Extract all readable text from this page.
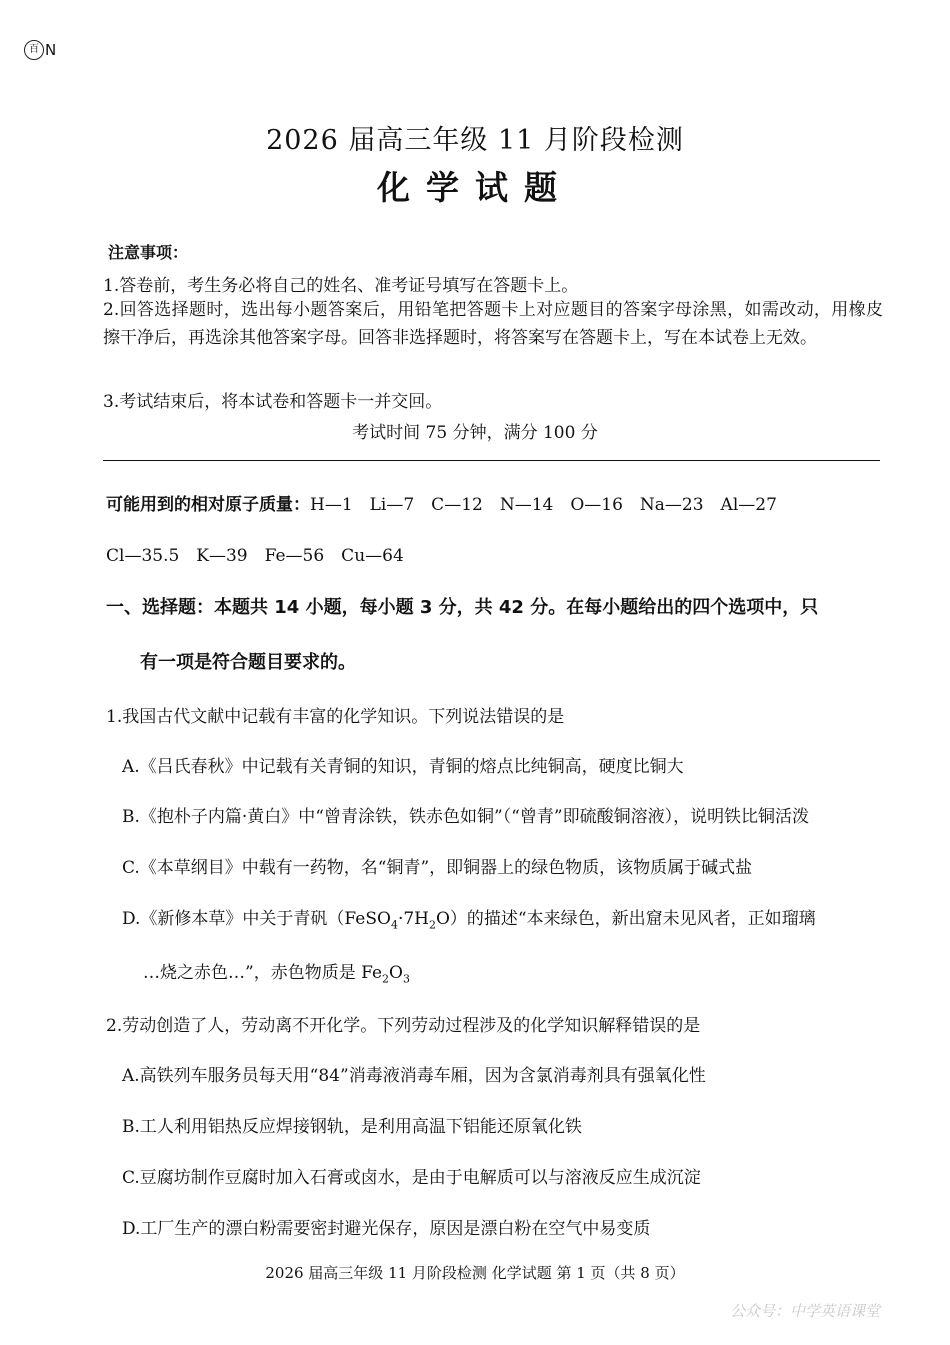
百 N
2026 届高三年级 11 月阶段检测
化学试题
注意事项：
1.答卷前，考生务必将自己的姓名、准考证号填写在答题卡上。
2.回答选择题时，选出每小题答案后，用铅笔把答题卡上对应题目的答案字母涂黑，如需改动，用橡皮擦干净后，再选涂其他答案字母。回答非选择题时，将答案写在答题卡上，写在本试卷上无效。
3.考试结束后，将本试卷和答题卡一并交回。
考试时间 75 分钟，满分 100 分
可能用到的相对原子质量：H—1　Li—7　C—12　N—14　O—16　Na—23　Al—27
Cl—35.5　K—39　Fe—56　Cu—64
一、选择题：本题共 14 小题，每小题 3 分，共 42 分。在每小题给出的四个选项中，只
有一项是符合题目要求的。
1.我国古代文献中记载有丰富的化学知识。下列说法错误的是
A.《吕氏春秋》中记载有关青铜的知识，青铜的熔点比纯铜高，硬度比铜大
B.《抱朴子内篇·黄白》中“曾青涂铁，铁赤色如铜”（“曾青”即硫酸铜溶液），说明铁比铜活泼
C.《本草纲目》中载有一药物，名“铜青”，即铜器上的绿色物质，该物质属于碱式盐
D.《新修本草》中关于青矾$(FeSO_4\cdot 7H_2O)$的描述“本来绿色，新出窟未见风者，正如瑠璃
…烧之赤色…”，赤色物质是 $Fe_2O_3$
2.劳动创造了人，劳动离不开化学。下列劳动过程涉及的化学知识解释错误的是
A.高铁列车服务员每天用“84”消毒液消毒车厢，因为含氯消毒剂具有强氧化性
B.工人利用铝热反应焊接钢轨，是利用高温下铝能还原氧化铁
C.豆腐坊制作豆腐时加入石膏或卤水，是由于电解质可以与溶液反应生成沉淀
D.工厂生产的漂白粉需要密封避光保存，原因是漂白粉在空气中易变质
2026 届高三年级 11 月阶段检测 化学试题 第 1 页（共 8 页）
公众号：中学英语课堂
